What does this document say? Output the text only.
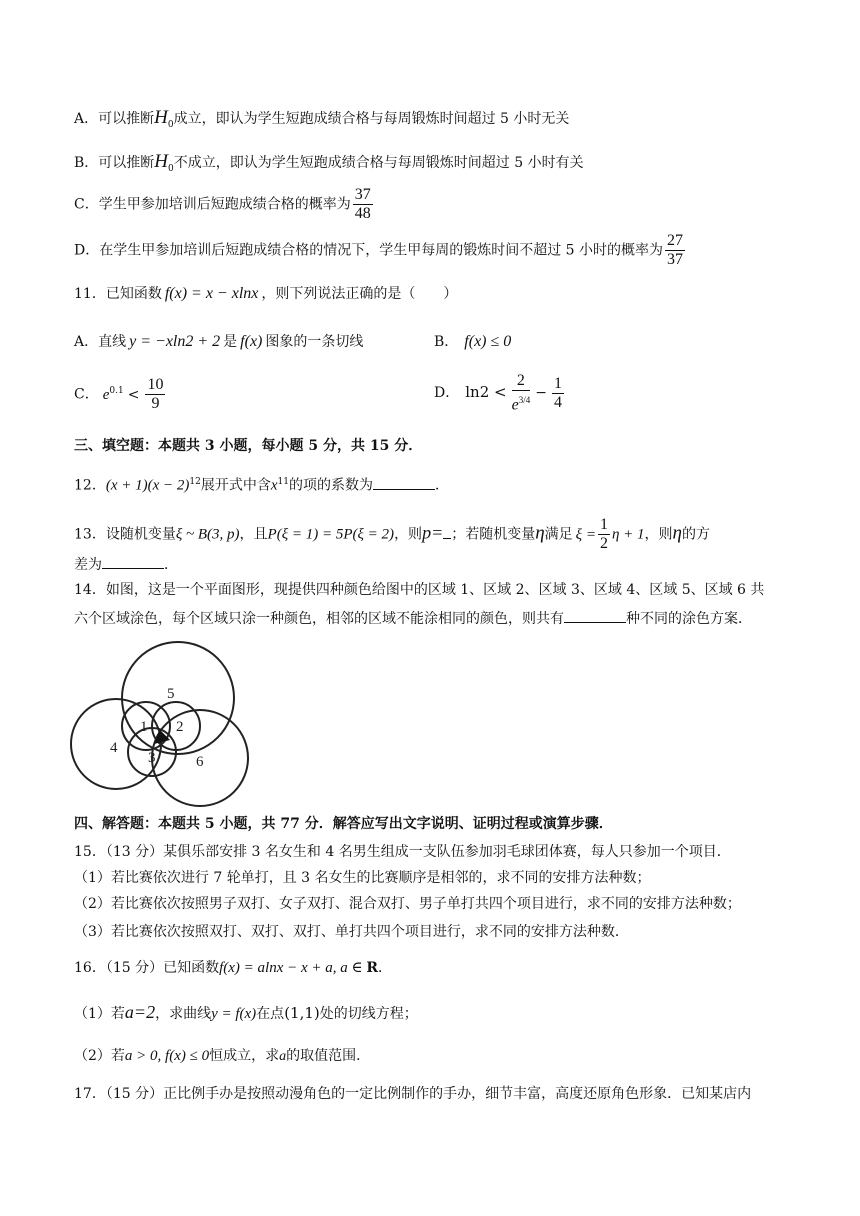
A．可以推断$H_0$成立，即认为学生短跑成绩合格与每周锻炼时间超过 5 小时无关
B．可以推断$H_0$不成立，即认为学生短跑成绩合格与每周锻炼时间超过 5 小时有关
C．学生甲参加培训后短跑成绩合格的概率为 $\frac{37}{48}$
D．在学生甲参加培训后短跑成绩合格的情况下，学生甲每周的锻炼时间不超过 5 小时的概率为 $\frac{27}{37}$
11．已知函数 f(x) = x − xlnx ，则下列说法正确的是（　　）
A．直线 y = −xln2 + 2 是 f(x) 图象的一条切线	B． f(x) ≤ 0
C． $e^{0.1} < \frac{10}{9}$	D． $\ln 2 < \frac{2}{e^{3/4}} - \frac{1}{4}$
三、填空题：本题共 3 小题，每小题 5 分，共 15 分．
12．$(x + 1)(x - 2)^{12}$展开式中含$x^{11}$的项的系数为	．
13．设随机变量ξ ~ B(3, p)，且P(ξ = 1) = 5P(ξ = 2)，则p= ；若随机变量η满足 $\xi = \frac{1}{2}$ η + 1，则η的方
差为	．
14．如图，这是一个平面图形，现提供四种颜色给图中的区域 1、区域 2、区域 3、区域 4、区域 5、区域 6 共
六个区域涂色，每个区域只涂一种颜色，相邻的区域不能涂相同的颜色，则共有	种不同的涂色方案．
1 2
3
4
5
6
四、解答题：本题共 5 小题，共 77 分．解答应写出文字说明、证明过程或演算步骤．
15．（13 分）某俱乐部安排 3 名女生和 4 名男生组成一支队伍参加羽毛球团体赛，每人只参加一个项目．
（1）若比赛依次进行 7 轮单打，且 3 名女生的比赛顺序是相邻的，求不同的安排方法种数；
（2）若比赛依次按照男子双打、女子双打、混合双打、男子单打共四个项目进行，求不同的安排方法种数；
（3）若比赛依次按照双打、双打、双打、单打共四个项目进行，求不同的安排方法种数．
16．（15 分）已知函数f(x) = alnx − x + a, a ∈ R．
（1）若a=2，求曲线y = f(x)在点(1,1)处的切线方程；
（2）若a > 0, f(x) ≤ 0恒成立，求a的取值范围．
17．（15 分）正比例手办是按照动漫角色的一定比例制作的手办，细节丰富，高度还原角色形象．已知某店内
